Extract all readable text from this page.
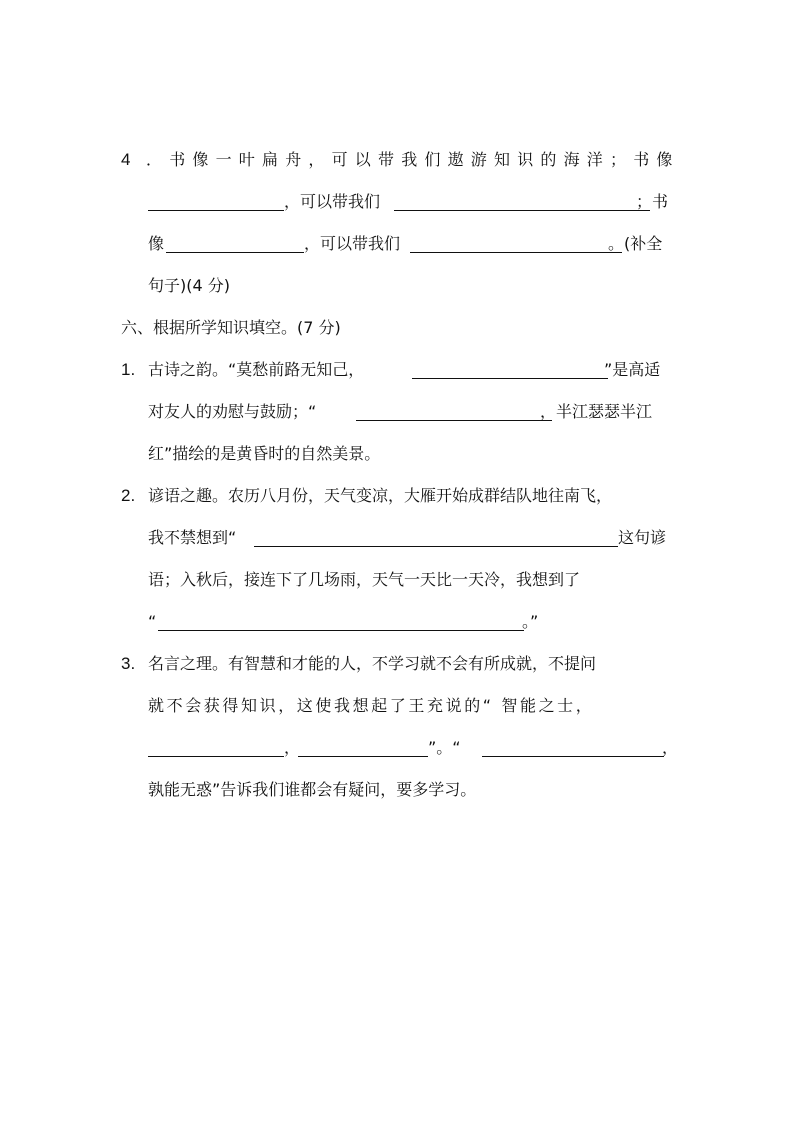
4 ．书像一叶扁舟，可以带我们遨游知识的海洋；书像
，可以带我们	；书
像	，可以带我们	。(补全
句子)(4 分)
六、根据所学知识填空。(7 分)
1. 古诗之韵。“莫愁前路无知己，	”是高适
对友人的劝慰与鼓励；“	，半江瑟瑟半江
红”描绘的是黄昏时的自然美景。
2. 谚语之趣。农历八月份，天气变凉，大雁开始成群结队地往南飞，
我不禁想到“	这句谚
语；入秋后，接连下了几场雨，天气一天比一天冷，我想到了
“	。”
3. 名言之理。有智慧和才能的人，不学习就不会有所成就，不提问
就不会获得知识，这使我想起了王充说的“ 智能之士，
，	”。“	，
孰能无惑”告诉我们谁都会有疑问，要多学习。
